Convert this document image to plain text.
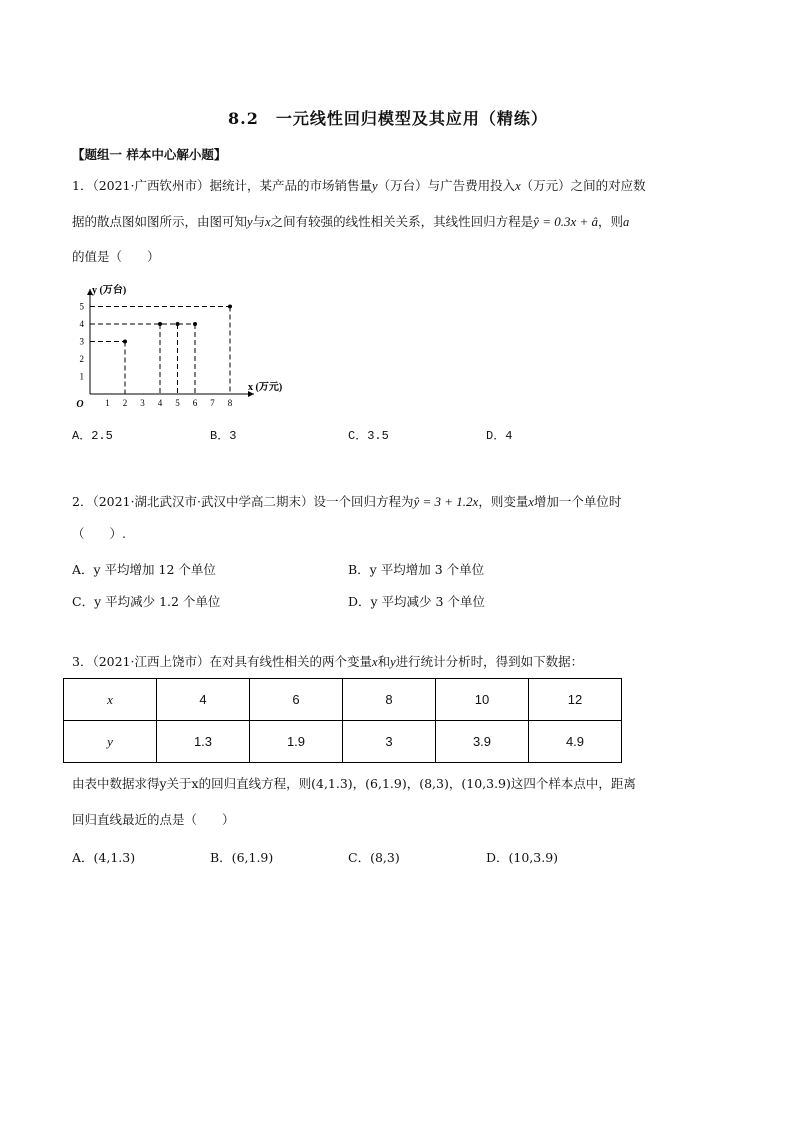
8.2　一元线性回归模型及其应用（精练）
【题组一 样本中心解小题】
1．（2021·广西钦州市）据统计，某产品的市场销售量y（万台）与广告费用投入x（万元）之间的对应数
据的散点图如图所示，由图可知y与x之间有较强的线性相关关系，其线性回归方程是ŷ = 0.3x + â，则a
的值是（　　）
1 2 3 4 5 6 7 8
1
2
3
4
5
O
x (万元)
y (万台)
A．2.5	B．3	C．3.5	D．4
2．（2021·湖北武汉市·武汉中学高二期末）设一个回归方程为ŷ = 3 + 1.2x，则变量x增加一个单位时
（　　）.
A．y 平均增加 12 个单位	B．y 平均增加 3 个单位
C．y 平均减少 1.2 个单位	D．y 平均减少 3 个单位
3．（2021·江西上饶市）在对具有线性相关的两个变量x和y进行统计分析时，得到如下数据：
x	4	6	8	10	12
y	1.3	1.9	3	3.9	4.9
由表中数据求得y关于x的回归直线方程，则(4,1.3)，(6,1.9)，(8,3)，(10,3.9)这四个样本点中，距离
回归直线最近的点是（　　）
A．(4,1.3)	B．(6,1.9)	C．(8,3)	D．(10,3.9)
